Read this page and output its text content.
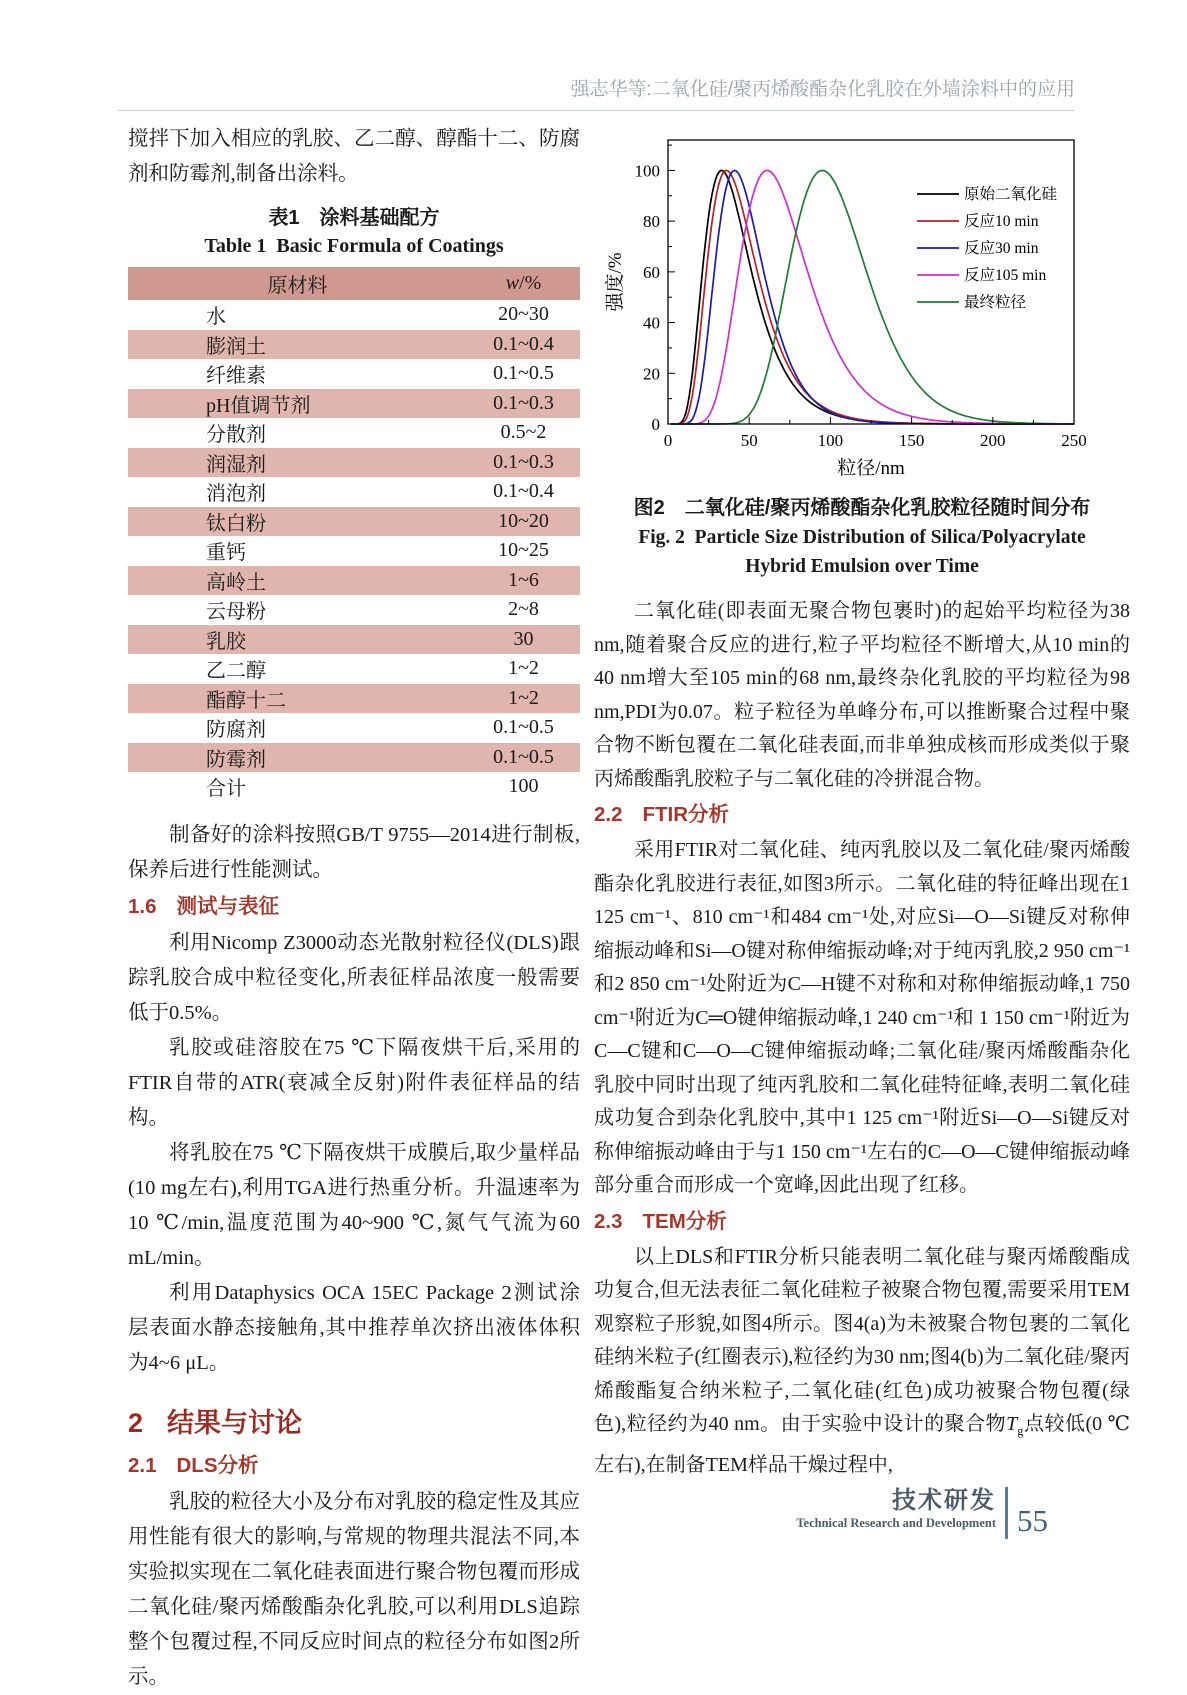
强志华等:二氧化硅/聚丙烯酸酯杂化乳胶在外墙涂料中的应用

搅拌下加入相应的乳胶、乙二醇、醇酯十二、防腐剂和防霉剂,制备出涂料。

表1　涂料基础配方
Table 1  Basic Formula of Coatings
原材料	w/%
水	20~30
膨润土	0.1~0.4
纤维素	0.1~0.5
pH值调节剂	0.1~0.3
分散剂	0.5~2
润湿剂	0.1~0.3
消泡剂	0.1~0.4
钛白粉	10~20
重钙	10~25
高岭土	1~6
云母粉	2~8
乳胶	30
乙二醇	1~2
酯醇十二	1~2
防腐剂	0.1~0.5
防霉剂	0.1~0.5
合计	100

制备好的涂料按照GB/T 9755—2014进行制板,保养后进行性能测试。

1.6 测试与表征

利用Nicomp Z3000动态光散射粒径仪(DLS)跟踪乳胶合成中粒径变化,所表征样品浓度一般需要低于0.5%。

乳胶或硅溶胶在75 ℃下隔夜烘干后,采用的FTIR自带的ATR(衰减全反射)附件表征样品的结构。

将乳胶在75 ℃下隔夜烘干成膜后,取少量样品(10 mg左右),利用TGA进行热重分析。升温速率为10 ℃/min,温度范围为40~900 ℃,氮气气流为60 mL/min。

利用Dataphysics OCA 15EC Package 2测试涂层表面水静态接触角,其中推荐单次挤出液体体积为4~6 μL。

2 结果与讨论
2.1 DLS分析

乳胶的粒径大小及分布对乳胶的稳定性及其应用性能有很大的影响,与常规的物理共混法不同,本实验拟实现在二氧化硅表面进行聚合物包覆而形成二氧化硅/聚丙烯酸酯杂化乳胶,可以利用DLS追踪整个包覆过程,不同反应时间点的粒径分布如图2所示。

0	50	100	150	200	250
0
20
40
60
80
100
粒径/nm
强度/%
原始二氧化硅
反应10 min
反应30 min
反应105 min
最终粒径
图2　二氧化硅/聚丙烯酸酯杂化乳胶粒径随时间分布
Fig. 2  Particle Size Distribution of Silica/Polyacrylate Hybrid Emulsion over Time

二氧化硅(即表面无聚合物包裹时)的起始平均粒径为38 nm,随着聚合反应的进行,粒子平均粒径不断增大,从10 min的40 nm增大至105 min的68 nm,最终杂化乳胶的平均粒径为98 nm,PDI为0.07。粒子粒径为单峰分布,可以推断聚合过程中聚合物不断包覆在二氧化硅表面,而非单独成核而形成类似于聚丙烯酸酯乳胶粒子与二氧化硅的冷拼混合物。

2.2 FTIR分析

采用FTIR对二氧化硅、纯丙乳胶以及二氧化硅/聚丙烯酸酯杂化乳胶进行表征,如图3所示。二氧化硅的特征峰出现在1 125 cm⁻¹、810 cm⁻¹和484 cm⁻¹处,对应Si—O—Si键反对称伸缩振动峰和Si—O键对称伸缩振动峰;对于纯丙乳胶,2 950 cm⁻¹和2 850 cm⁻¹处附近为C—H键不对称和对称伸缩振动峰,1 750 cm⁻¹附近为C═O键伸缩振动峰,1 240 cm⁻¹和 1 150 cm⁻¹附近为C—C键和C—O—C键伸缩振动峰;二氧化硅/聚丙烯酸酯杂化乳胶中同时出现了纯丙乳胶和二氧化硅特征峰,表明二氧化硅成功复合到杂化乳胶中,其中1 125 cm⁻¹附近Si—O—Si键反对称伸缩振动峰由于与1 150 cm⁻¹左右的C—O—C键伸缩振动峰部分重合而形成一个宽峰,因此出现了红移。

2.3 TEM分析

以上DLS和FTIR分析只能表明二氧化硅与聚丙烯酸酯成功复合,但无法表征二氧化硅粒子被聚合物包覆,需要采用TEM观察粒子形貌,如图4所示。图4(a)为未被聚合物包裹的二氧化硅纳米粒子(红圈表示),粒径约为30 nm;图4(b)为二氧化硅/聚丙烯酸酯复合纳米粒子,二氧化硅(红色)成功被聚合物包覆(绿色),粒径约为40 nm。由于实验中设计的聚合物$T_g$点较低(0 ℃左右),在制备TEM样品干燥过程中,

技术研发
Technical Research and Development 55
